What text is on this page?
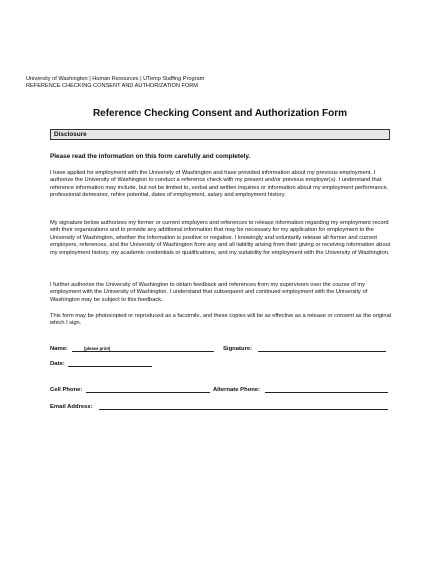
University of Washington | Human Resources | UTemp Staffing Program
REFERENCE CHECKING CONSENT AND AUTHORIZATION FORM
Reference Checking Consent and Authorization Form
Disclosure
Please read the information on this form carefully and completely.

I have applied for employment with the University of Washington and have provided information about my previous employment. I authorize the University of Washington to conduct a reference check with my present and/or previous employer(s). I understand that reference information may include, but not be limited to, verbal and written inquiries or information about my employment performance, professional demeanor, rehire potential, dates of employment, salary and employment history.

My signature below authorizes my former or current employers and references to release information regarding my employment record with their organizations and to provide any additional information that may be necessary for my application for employment to the University of Washington, whether the information is positive or negative. I knowingly and voluntarily release all former and current employers, references, and the University of Washington from any and all liability arising from their giving or receiving information about my employment history, my academic credentials or qualifications, and my suitability for employment with the University of Washington.

I further authorize the University of Washington to obtain feedback and references from my supervisors over the course of my employment with the University of Washington. I understand that subsequent and continued employment with the University of Washington may be subject to this feedback.

This form may be photocopied or reproduced as a facsimile, and these copies will be as effective as a release or consent as the original which I sign.

Name:	(please print)	Signature:
Date:
Cell Phone:	Alternate Phone:
Email Address:
